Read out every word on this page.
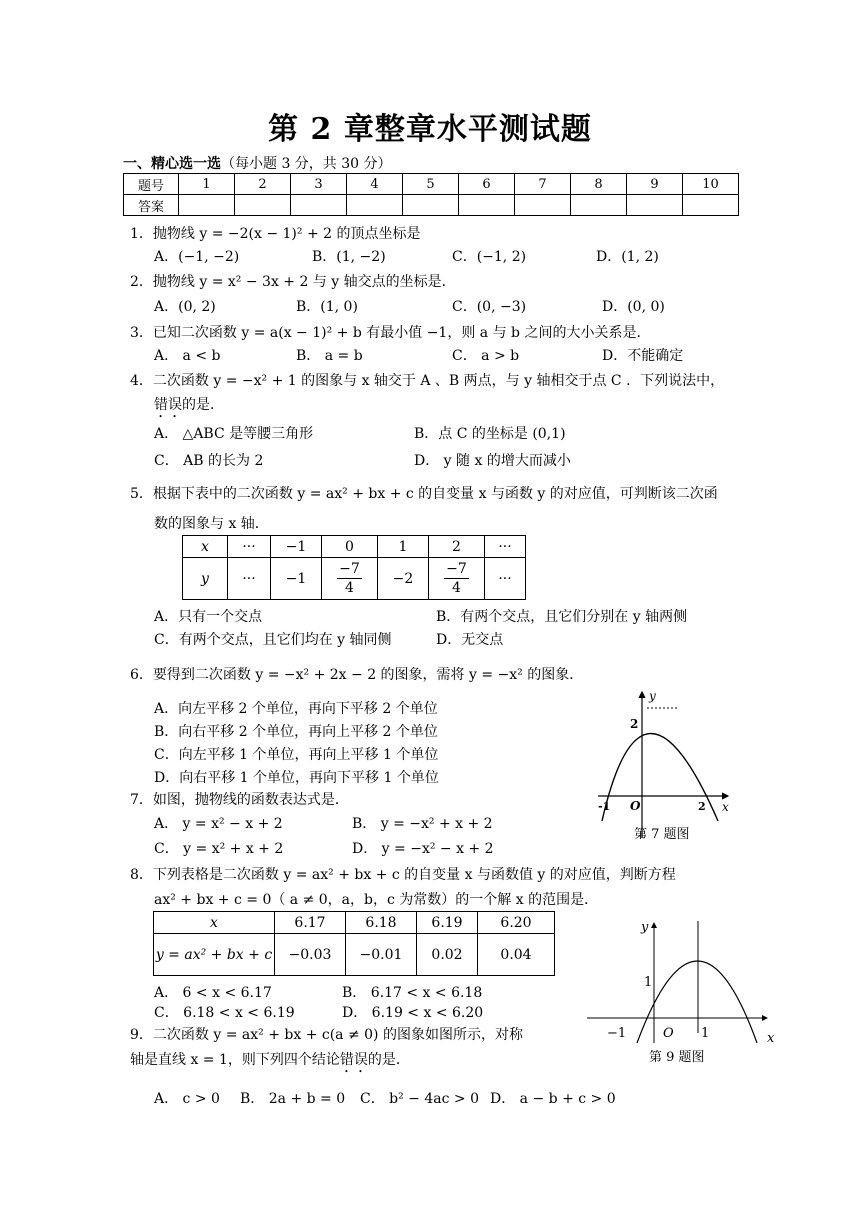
第 2 章整章水平测试题
一、精心选一选（每小题 3 分，共 30 分）
题号	1	2	3	4	5	6	7	8	9	10
答案										
1．抛物线 y = −2(x − 1)² + 2 的顶点坐标是
A．(−1, −2)	B．(1, −2)	C．(−1, 2)	D．(1, 2)
2．抛物线 y = x² − 3x + 2 与 y 轴交点的坐标是．
A．(0, 2)	B．(1, 0)	C．(0, −3)	D．(0, 0)
3．已知二次函数 y = a(x − 1)² + b 有最小值 −1，则 a 与 b 之间的大小关系是．
A． a < b	B． a = b	C． a > b	D．不能确定
4．二次函数 y = −x² + 1 的图象与 x 轴交于 A 、B 两点，与 y 轴相交于点 C ．下列说法中，
错误的是．
A． △ABC 是等腰三角形	B．点 C 的坐标是 (0,1)
C． AB 的长为 2	D． y 随 x 的增大而减小
5．根据下表中的二次函数 y = ax² + bx + c 的自变量 x 与函数 y 的对应值，可判断该二次函
数的图象与 x 轴．
x	···	−1	0	1	2	···
y	···	−1	$\frac{-7}{4}$	−2	$\frac{-7}{4}$	···
A．只有一个交点	B．有两个交点，且它们分别在 y 轴两侧
C．有两个交点，且它们均在 y 轴同侧	D．无交点
6．要得到二次函数 y = −x² + 2x − 2 的图象，需将 y = −x² 的图象．
A．向左平移 2 个单位，再向下平移 2 个单位
B．向右平移 2 个单位，再向上平移 2 个单位
C．向左平移 1 个单位，再向上平移 1 个单位
D．向右平移 1 个单位，再向下平移 1 个单位
7．如图，抛物线的函数表达式是．
A． y = x² − x + 2	B． y = −x² + x + 2
C． y = x² + x + 2	D． y = −x² − x + 2
y
x
2
O
-1	2
第 7 题图
8．下列表格是二次函数 y = ax² + bx + c 的自变量 x 与函数值 y 的对应值，判断方程
ax² + bx + c = 0（ a ≠ 0，a，b，c 为常数）的一个解 x 的范围是．
x	6.17	6.18	6.19	6.20
y = ax² + bx + c	−0.03	−0.01	0.02	0.04
A． 6 < x < 6.17	B． 6.17 < x < 6.18
C． 6.18 < x < 6.19	D． 6.19 < x < 6.20
9．二次函数 y = ax² + bx + c(a ≠ 0) 的图象如图所示，对称
轴是直线 x = 1，则下列四个结论错误的是．
A． c > 0 B． 2a + b = 0 C． b² − 4ac > 0 D． a − b + c > 0
y
x
1
O
−1	1
第 9 题图
